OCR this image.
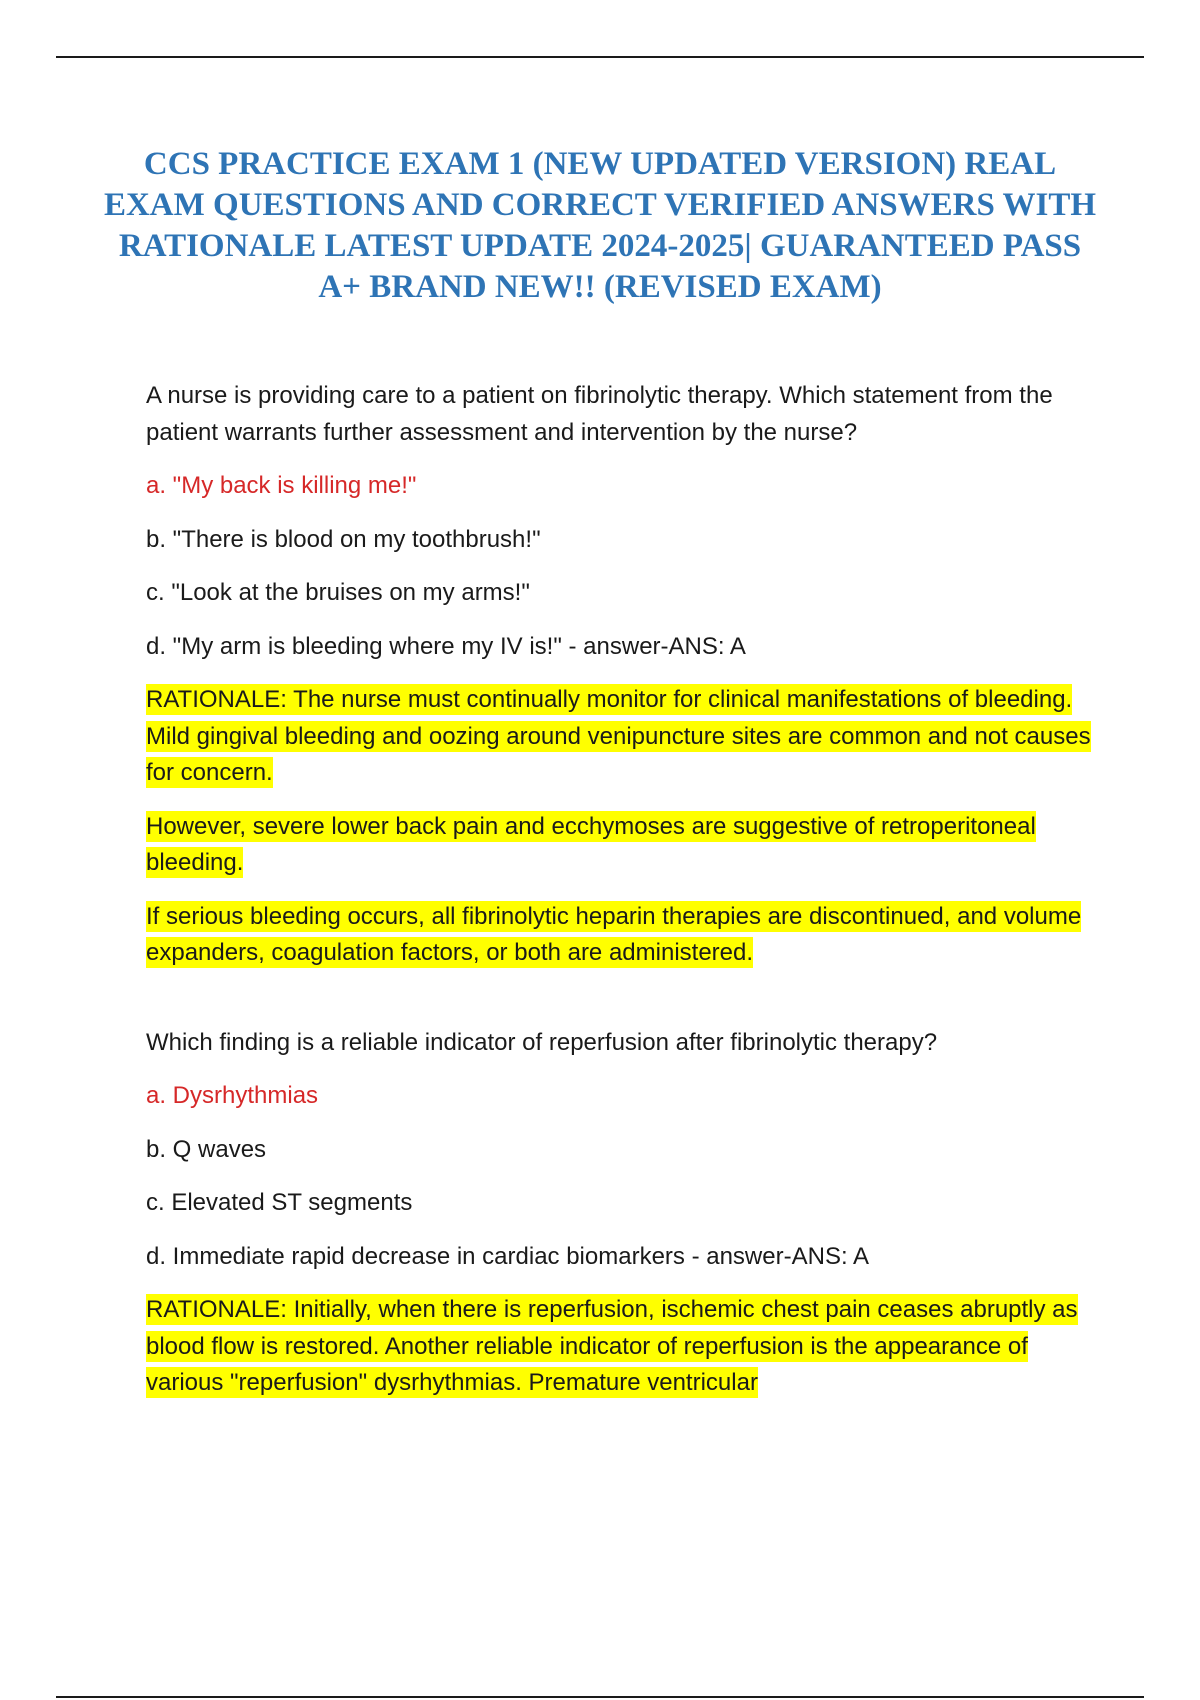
CCS PRACTICE EXAM 1 (NEW UPDATED VERSION) REAL EXAM QUESTIONS AND CORRECT VERIFIED ANSWERS WITH RATIONALE LATEST UPDATE 2024-2025| GUARANTEED PASS A+ BRAND NEW!! (REVISED EXAM)

A nurse is providing care to a patient on fibrinolytic therapy. Which statement from the patient warrants further assessment and intervention by the nurse?

a. "My back is killing me!"

b. "There is blood on my toothbrush!"

c. "Look at the bruises on my arms!"

d. "My arm is bleeding where my IV is!" - answer-ANS: A

RATIONALE: The nurse must continually monitor for clinical manifestations of bleeding. Mild gingival bleeding and oozing around venipuncture sites are common and not causes for concern.

However, severe lower back pain and ecchymoses are suggestive of retroperitoneal bleeding.

If serious bleeding occurs, all fibrinolytic heparin therapies are discontinued, and volume expanders, coagulation factors, or both are administered.

Which finding is a reliable indicator of reperfusion after fibrinolytic therapy?

a. Dysrhythmias

b. Q waves

c. Elevated ST segments

d. Immediate rapid decrease in cardiac biomarkers - answer-ANS: A

RATIONALE: Initially, when there is reperfusion, ischemic chest pain ceases abruptly as blood flow is restored. Another reliable indicator of reperfusion is the appearance of various "reperfusion" dysrhythmias. Premature ventricular
